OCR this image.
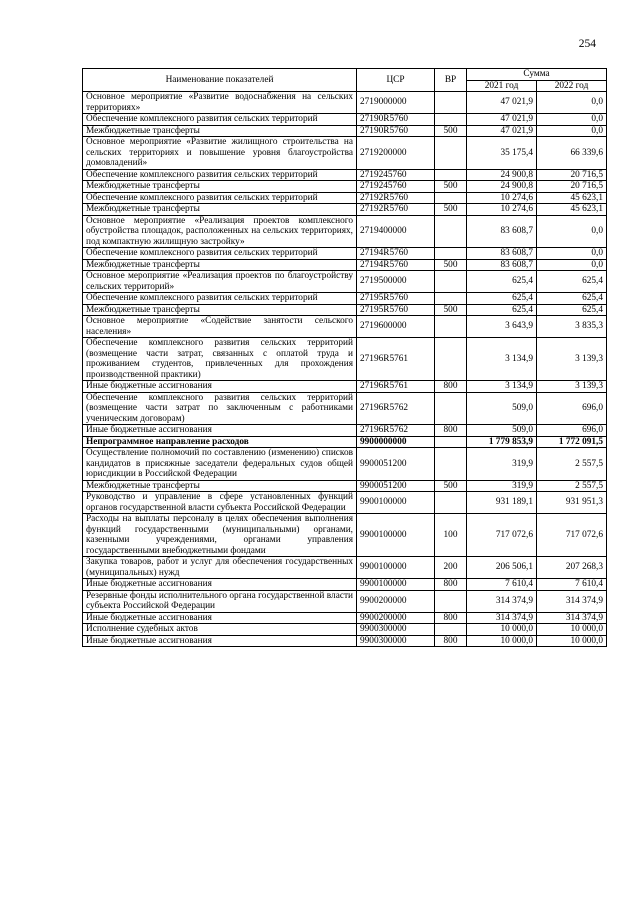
254
Наименование показателей	ЦСР	ВР	Сумма	
			2021 год	2022 год
Основное мероприятие «Развитие водоснабжения на сельских территориях»	2719000000		47 021,9	0,0
Обеспечение комплексного развития сельских территорий	27190R5760		47 021,9	0,0
Межбюджетные трансферты	27190R5760	500	47 021,9	0,0
Основное мероприятие «Развитие жилищного строительства на сельских территориях и повышение уровня благоустройства домовладений»	2719200000		35 175,4	66 339,6
Обеспечение комплексного развития сельских территорий	2719245760		24 900,8	20 716,5
Межбюджетные трансферты	2719245760	500	24 900,8	20 716,5
Обеспечение комплексного развития сельских территорий	27192R5760		10 274,6	45 623,1
Межбюджетные трансферты	27192R5760	500	10 274,6	45 623,1
Основное мероприятие «Реализация проектов комплексного обустройства площадок, расположенных на сельских территориях, под компактную жилищную застройку»	2719400000		83 608,7	0,0
Обеспечение комплексного развития сельских территорий	27194R5760		83 608,7	0,0
Межбюджетные трансферты	27194R5760	500	83 608,7	0,0
Основное мероприятие «Реализация проектов по благоустройству сельских территорий»	2719500000		625,4	625,4
Обеспечение комплексного развития сельских территорий	27195R5760		625,4	625,4
Межбюджетные трансферты	27195R5760	500	625,4	625,4
Основное мероприятие «Содействие занятости сельского населения»	2719600000		3 643,9	3 835,3
Обеспечение комплексного развития сельских территорий (возмещение части затрат, связанных с оплатой труда и проживанием студентов, привлеченных для прохождения производственной практики)	27196R5761		3 134,9	3 139,3
Иные бюджетные ассигнования	27196R5761	800	3 134,9	3 139,3
Обеспечение комплексного развития сельских территорий (возмещение части затрат по заключенным с работниками ученическим договорам)	27196R5762		509,0	696,0
Иные бюджетные ассигнования	27196R5762	800	509,0	696,0
Непрограммное направление расходов	9900000000		1 779 853,9	1 772 091,5
Осуществление полномочий по составлению (изменению) списков кандидатов в присяжные заседатели федеральных судов общей юрисдикции в Российской Федерации	9900051200		319,9	2 557,5
Межбюджетные трансферты	9900051200	500	319,9	2 557,5
Руководство и управление в сфере установленных функций органов государственной власти субъекта Российской Федерации	9900100000		931 189,1	931 951,3
Расходы на выплаты персоналу в целях обеспечения выполнения функций государственными (муниципальными) органами, казенными учреждениями, органами управления государственными внебюджетными фондами	9900100000	100	717 072,6	717 072,6
Закупка товаров, работ и услуг для обеспечения государственных (муниципальных) нужд	9900100000	200	206 506,1	207 268,3
Иные бюджетные ассигнования	9900100000	800	7 610,4	7 610,4
Резервные фонды исполнительного органа государственной власти субъекта Российской Федерации	9900200000		314 374,9	314 374,9
Иные бюджетные ассигнования	9900200000	800	314 374,9	314 374,9
Исполнение судебных актов	9900300000		10 000,0	10 000,0
Иные бюджетные ассигнования	9900300000	800	10 000,0	10 000,0
